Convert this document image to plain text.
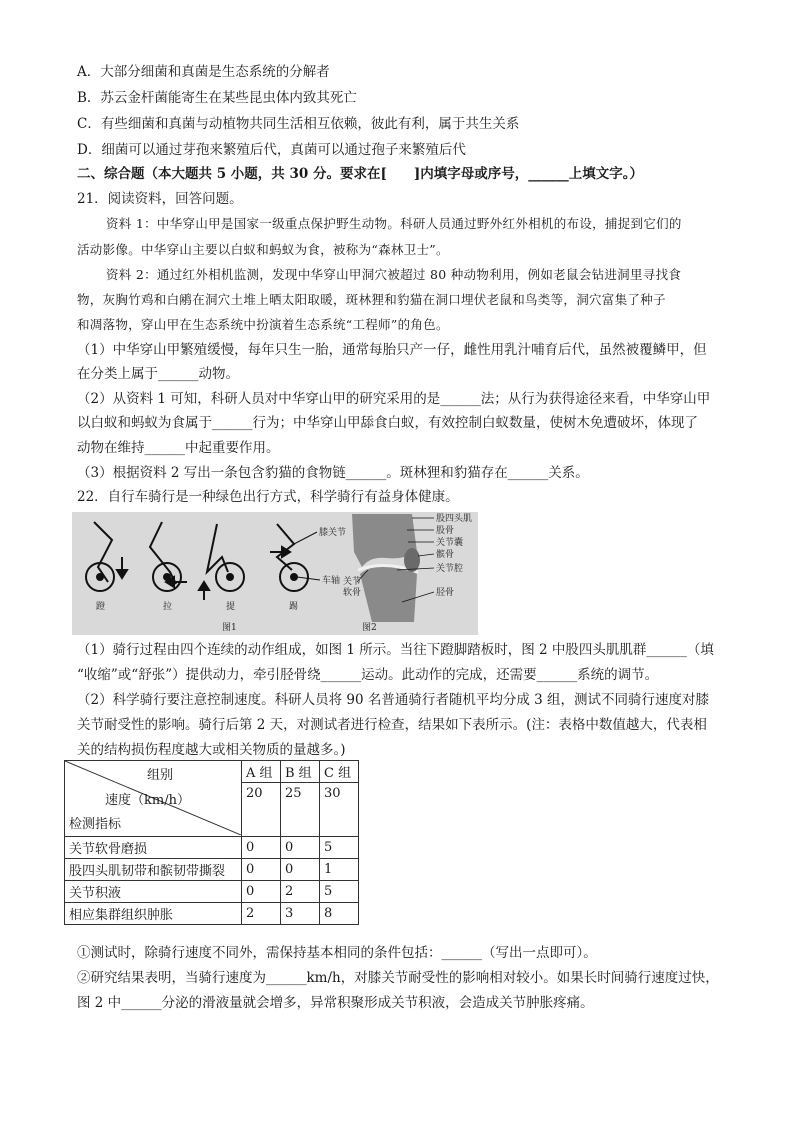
A．大部分细菌和真菌是生态系统的分解者
B．苏云金杆菌能寄生在某些昆虫体内致其死亡
C．有些细菌和真菌与动植物共同生活相互依赖，彼此有利，属于共生关系
D．细菌可以通过芽孢来繁殖后代，真菌可以通过孢子来繁殖后代
二、综合题（本大题共 5 小题，共 30 分。要求在[　　]内填字母或序号，______上填文字。）
21．阅读资料，回答问题。
资料 1：中华穿山甲是国家一级重点保护野生动物。科研人员通过野外红外相机的布设，捕捉到它们的
活动影像。中华穿山主要以白蚁和蚂蚁为食，被称为“森林卫士”。
资料 2：通过红外相机监测，发现中华穿山甲洞穴被超过 80 种动物利用，例如老鼠会钻进洞里寻找食
物，灰胸竹鸡和白鹇在洞穴土堆上晒太阳取暖，斑林狸和豹猫在洞口埋伏老鼠和鸟类等，洞穴富集了种子
和凋落物，穿山甲在生态系统中扮演着生态系统“工程师”的角色。
（1）中华穿山甲繁殖缓慢，每年只生一胎，通常每胎只产一仔，雌性用乳汁哺育后代，虽然被覆鳞甲，但
在分类上属于______动物。
（2）从资料 1 可知，科研人员对中华穿山甲的研究采用的是______法；从行为获得途径来看，中华穿山甲
以白蚁和蚂蚁为食属于______行为；中华穿山甲舔食白蚁，有效控制白蚁数量，使树木免遭破坏，体现了
动物在维持______中起重要作用。
（3）根据资料 2 写出一条包含豹猫的食物链______。斑林狸和豹猫存在______关系。
22．自行车骑行是一种绿色出行方式，科学骑行有益身体健康。
膝关节
车轴
蹬	拉	提	踢
图1
股四头肌
股骨
关节囊
髌骨
关节腔
胫骨
关节
软骨
图2
（1）骑行过程由四个连续的动作组成，如图 1 所示。当往下蹬脚踏板时，图 2 中股四头肌肌群______（填
“收缩”或“舒张”）提供动力，牵引胫骨绕______运动。此动作的完成，还需要______系统的调节。
（2）科学骑行要注意控制速度。科研人员将 90 名普通骑行者随机平均分成 3 组，测试不同骑行速度对膝
关节耐受性的影响。骑行后第 2 天，对测试者进行检查，结果如下表所示。(注：表格中数值越大，代表相
关的结构损伤程度越大或相关物质的量越多。)
组别
速度（km/h）
检测指标	A 组	B 组	C 组
	20	25	30
关节软骨磨损	0	0	5
股四头肌韧带和髌韧带撕裂	0	0	1
关节积液	0	2	5
相应集群组织肿胀	2	3	8
①测试时，除骑行速度不同外，需保持基本相同的条件包括：______（写出一点即可）。
②研究结果表明，当骑行速度为______km/h，对膝关节耐受性的影响相对较小。如果长时间骑行速度过快，
图 2 中______分泌的滑液量就会增多，异常积聚形成关节积液，会造成关节肿胀疼痛。
